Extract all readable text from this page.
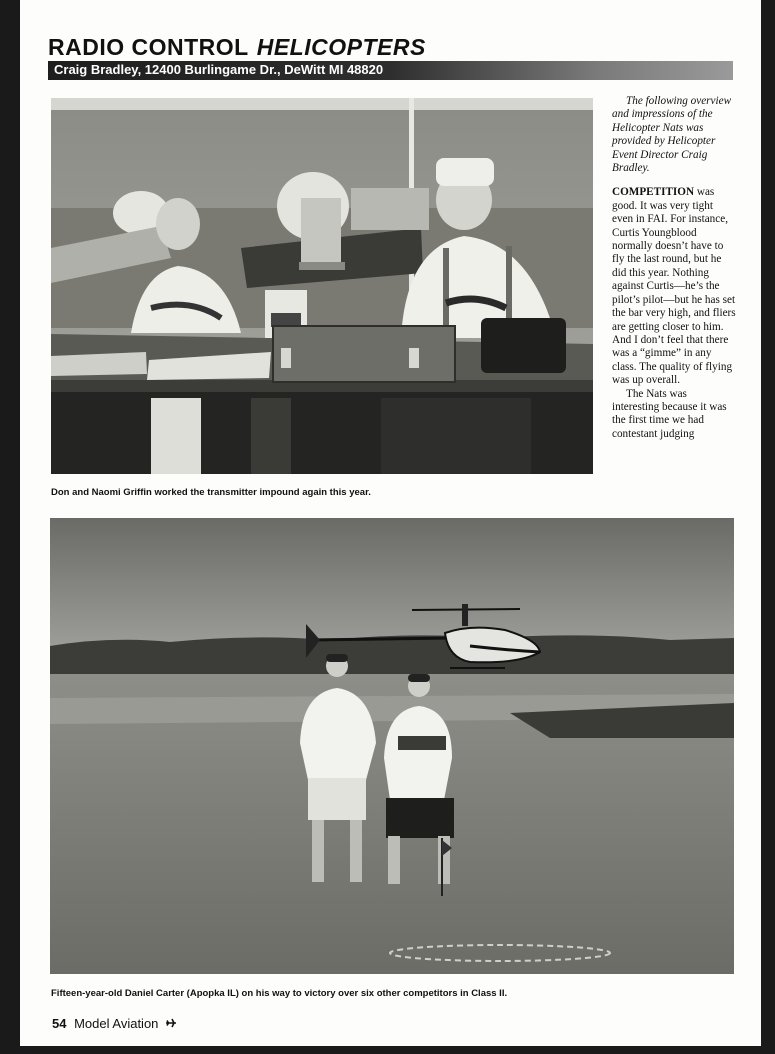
RADIO CONTROL HELICOPTERS
Craig Bradley, 12400 Burlingame Dr., DeWitt MI 48820
Don and Naomi Griffin worked the transmitter impound again this year.

The following overview and impressions of the Helicopter Nats was provided by Helicopter Event Director Craig Bradley.

COMPETITION was good. It was very tight even in FAI. For instance, Curtis Youngblood normally doesn’t have to fly the last round, but he did this year. Nothing against Curtis—he’s the pilot’s pilot—but he has set the bar very high, and fliers are getting closer to him. And I don’t feel that there was a “gimme” in any class. The quality of flying was up overall.

The Nats was interesting because it was the first time we had contestant judging

Fifteen-year-old Daniel Carter (Apopka IL) on his way to victory over six other competitors in Class II.
54 Model Aviation
